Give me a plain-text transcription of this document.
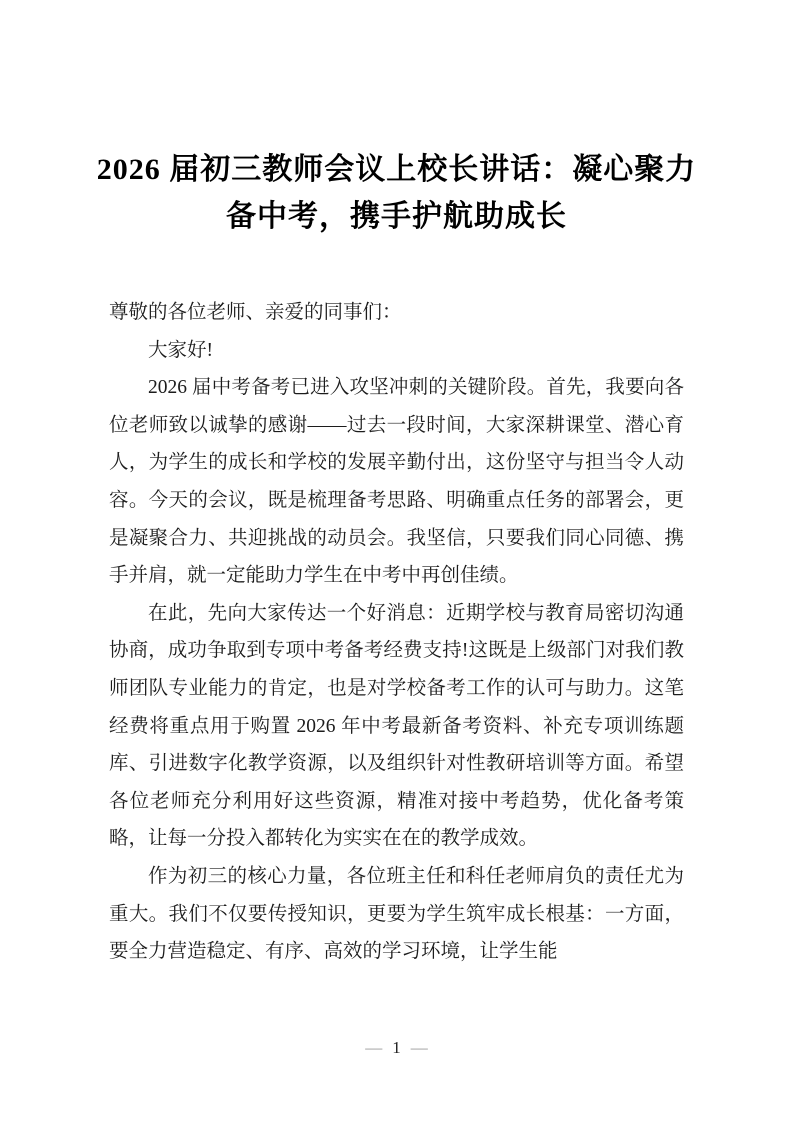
2026 届初三教师会议上校长讲话：凝心聚力备中考，携手护航助成长

尊敬的各位老师、亲爱的同事们：

大家好!

2026 届中考备考已进入攻坚冲刺的关键阶段。首先，我要向各位老师致以诚挚的感谢——过去一段时间，大家深耕课堂、潜心育人，为学生的成长和学校的发展辛勤付出，这份坚守与担当令人动容。今天的会议，既是梳理备考思路、明确重点任务的部署会，更是凝聚合力、共迎挑战的动员会。我坚信，只要我们同心同德、携手并肩，就一定能助力学生在中考中再创佳绩。

在此，先向大家传达一个好消息：近期学校与教育局密切沟通协商，成功争取到专项中考备考经费支持!这既是上级部门对我们教师团队专业能力的肯定，也是对学校备考工作的认可与助力。这笔经费将重点用于购置 2026 年中考最新备考资料、补充专项训练题库、引进数字化教学资源，以及组织针对性教研培训等方面。希望各位老师充分利用好这些资源，精准对接中考趋势，优化备考策略，让每一分投入都转化为实实在在的教学成效。

作为初三的核心力量，各位班主任和科任老师肩负的责任尤为重大。我们不仅要传授知识，更要为学生筑牢成长根基：一方面，要全力营造稳定、有序、高效的学习环境，让学生能

— 1 —
